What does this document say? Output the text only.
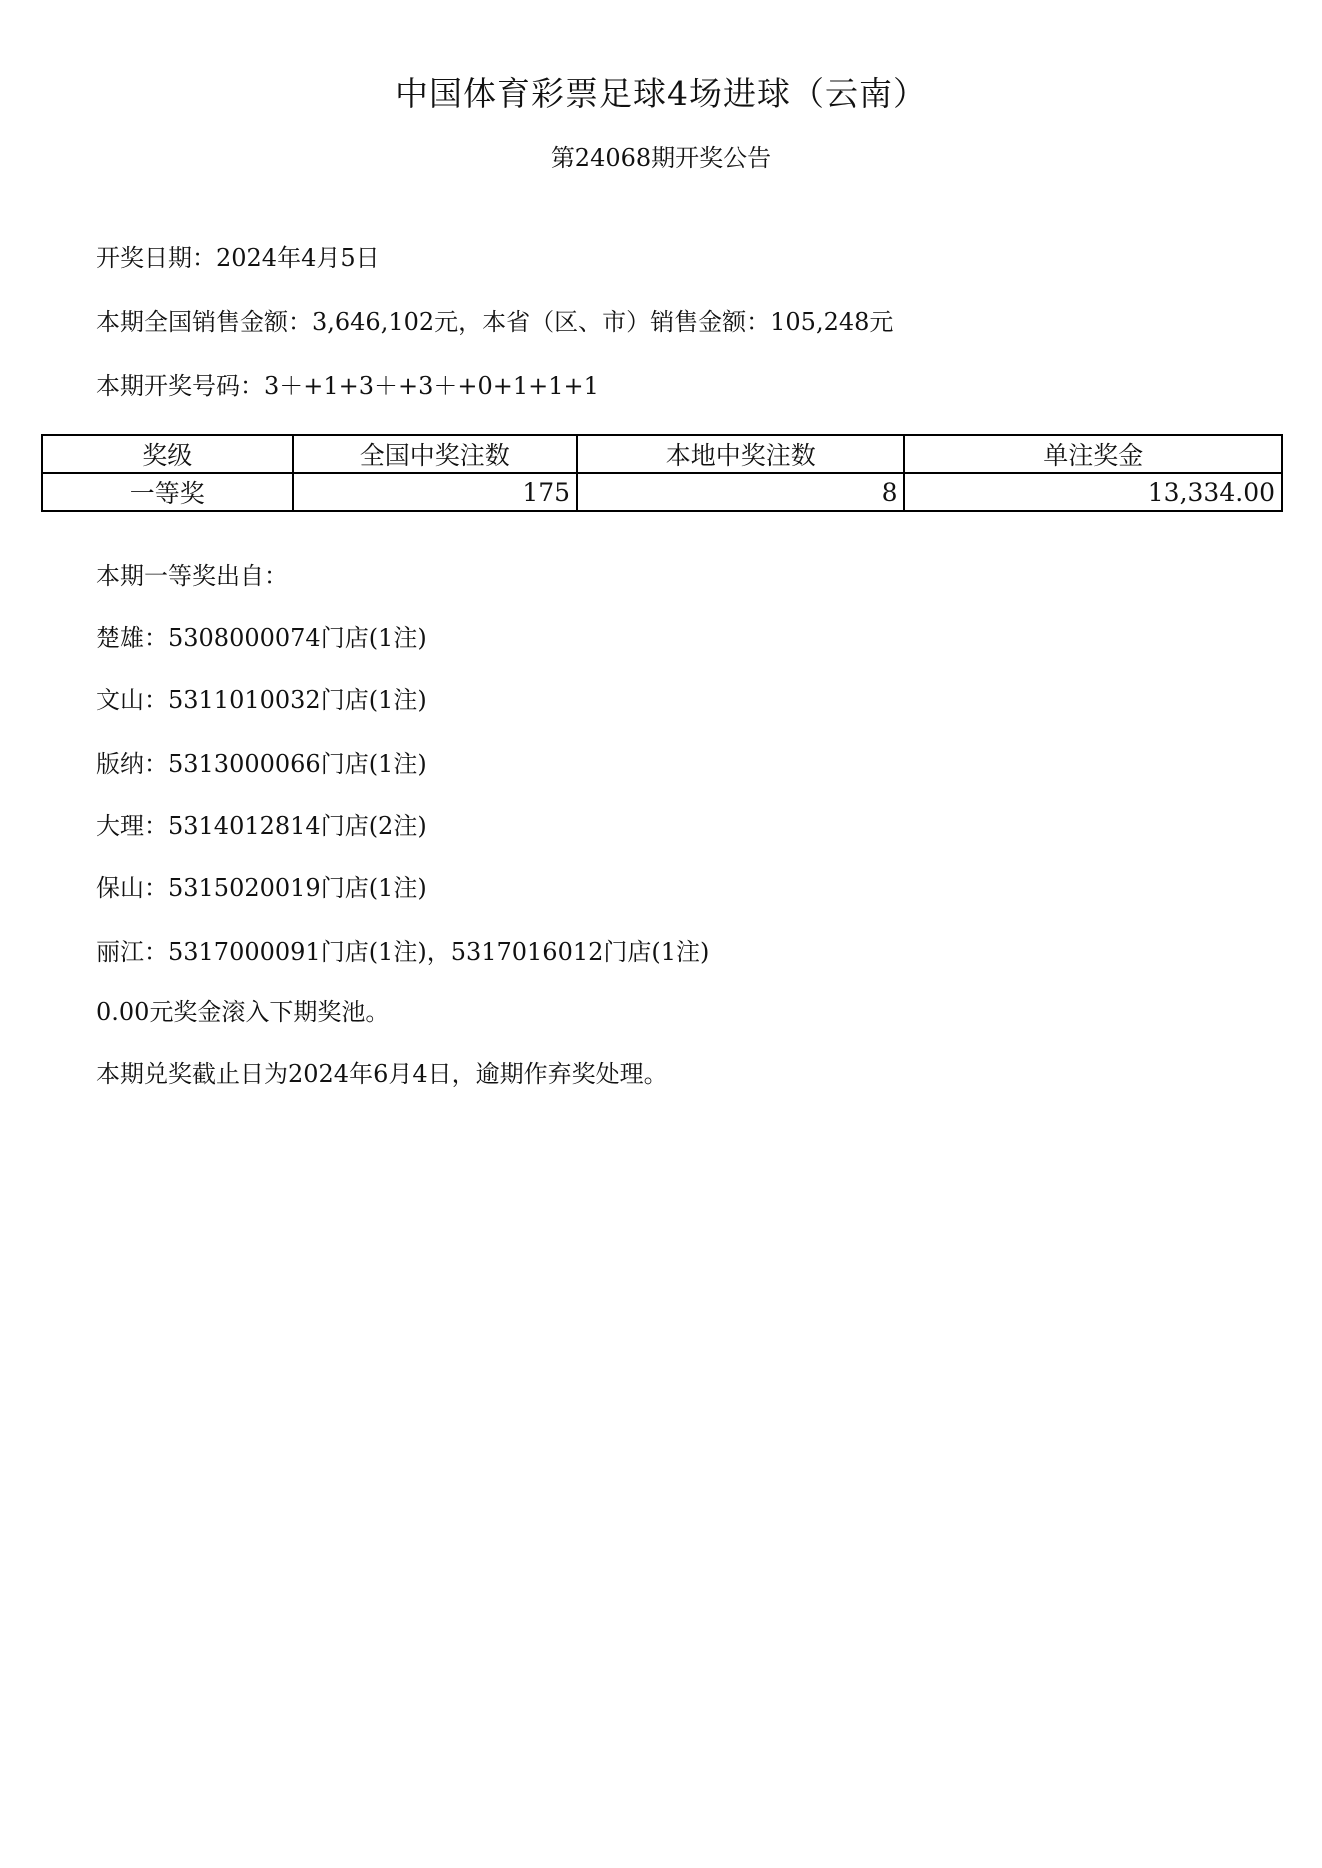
中国体育彩票足球4场进球（云南）
第24068期开奖公告
开奖日期：2024年4月5日
本期全国销售金额：3,646,102元，本省（区、市）销售金额：105,248元
本期开奖号码：3＋+1+3＋+3＋+0+1+1+1
奖级	全国中奖注数	本地中奖注数	单注奖金
一等奖	175	8	13,334.00
本期一等奖出自：
楚雄：5308000074门店(1注)
文山：5311010032门店(1注)
版纳：5313000066门店(1注)
大理：5314012814门店(2注)
保山：5315020019门店(1注)
丽江：5317000091门店(1注)，5317016012门店(1注)
0.00元奖金滚入下期奖池。
本期兑奖截止日为2024年6月4日，逾期作弃奖处理。
